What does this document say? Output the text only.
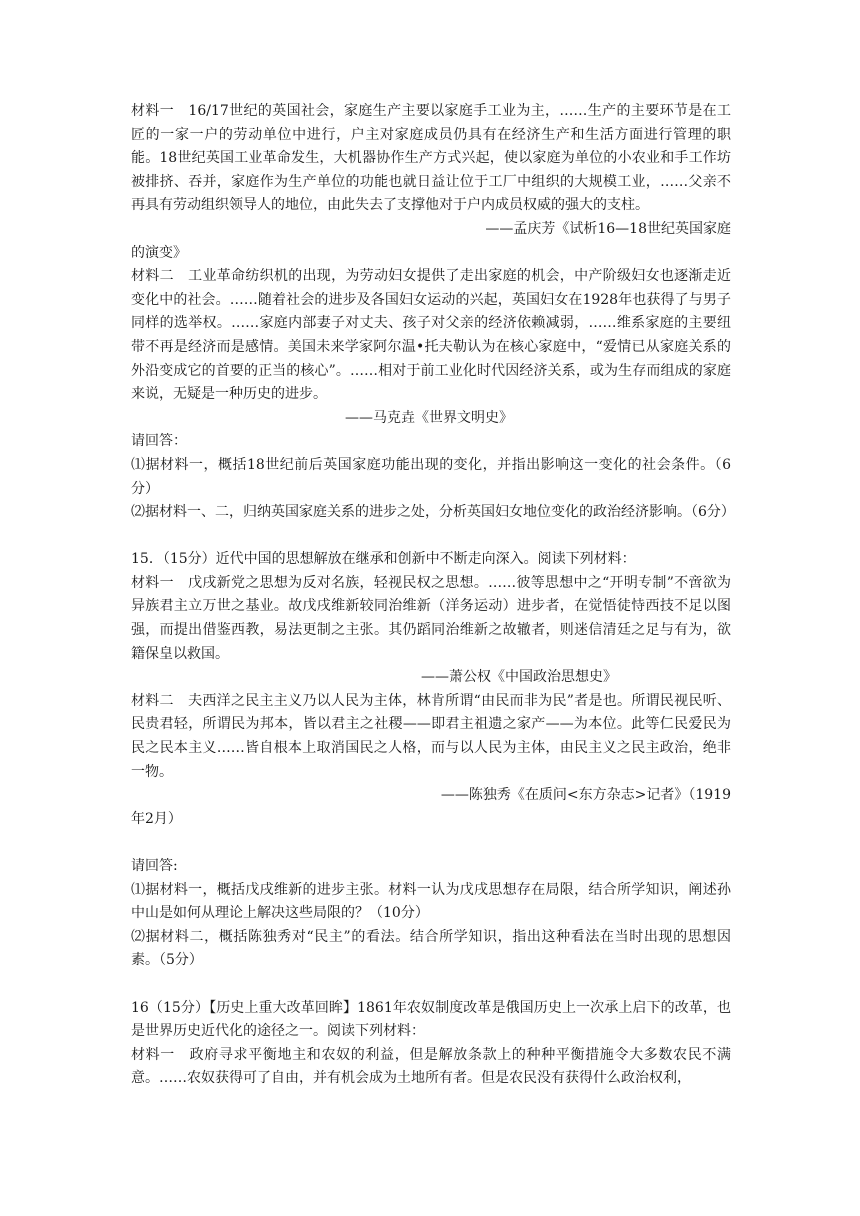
材料一　16/17世纪的英国社会，家庭生产主要以家庭手工业为主，……生产的主要环节是在工匠的一家一户的劳动单位中进行，户主对家庭成员仍具有在经济生产和生活方面进行管理的职能。18世纪英国工业革命发生，大机器协作生产方式兴起，使以家庭为单位的小农业和手工作坊被排挤、吞并，家庭作为生产单位的功能也就日益让位于工厂中组织的大规模工业，……父亲不再具有劳动组织领导人的地位，由此失去了支撑他对于户内成员权威的强大的支柱。

——孟庆芳《试析16—18世纪英国家庭

的演变》

材料二　工业革命纺织机的出现，为劳动妇女提供了走出家庭的机会，中产阶级妇女也逐渐走近变化中的社会。……随着社会的进步及各国妇女运动的兴起，英国妇女在1928年也获得了与男子同样的选举权。……家庭内部妻子对丈夫、孩子对父亲的经济依赖减弱，……维系家庭的主要纽带不再是经济而是感情。美国未来学家阿尔温•托夫勒认为在核心家庭中，“爱情已从家庭关系的外沿变成它的首要的正当的核心”。……相对于前工业化时代因经济关系，或为生存而组成的家庭来说，无疑是一种历史的进步。

——马克垚《世界文明史》

请回答：

⑴据材料一，概括18世纪前后英国家庭功能出现的变化，并指出影响这一变化的社会条件。（6分）

⑵据材料一、二，归纳英国家庭关系的进步之处，分析英国妇女地位变化的政治经济影响。（6分）

15．（15分）近代中国的思想解放在继承和创新中不断走向深入。阅读下列材料：

材料一　戊戌新党之思想为反对名族，轻视民权之思想。……彼等思想中之“开明专制”不啻欲为异族君主立万世之基业。故戊戌维新较同治维新（洋务运动）进步者，在觉悟徒恃西技不足以图强，而提出借鉴西教，易法更制之主张。其仍蹈同治维新之故辙者，则迷信清廷之足与有为，欲籍保皇以救国。

——萧公权《中国政治思想史》

材料二　夫西洋之民主主义乃以人民为主体，林肯所谓“由民而非为民”者是也。所谓民视民听、民贵君轻，所谓民为邦本，皆以君主之社稷——即君主祖遗之家产——为本位。此等仁民爱民为民之民本主义……皆自根本上取消国民之人格，而与以人民为主体，由民主义之民主政治，绝非一物。

——陈独秀《在质问<东方杂志>记者》（1919

年2月）

请回答:

⑴据材料一，概括戊戌维新的进步主张。材料一认为戊戌思想存在局限，结合所学知识，阐述孙中山是如何从理论上解决这些局限的？（10分）

⑵据材料二，概括陈独秀对“民主”的看法。结合所学知识，指出这种看法在当时出现的思想因素。（5分）

16（15分）【历史上重大改革回眸】1861年农奴制度改革是俄国历史上一次承上启下的改革，也是世界历史近代化的途径之一。阅读下列材料：

材料一　政府寻求平衡地主和农奴的利益，但是解放条款上的种种平衡措施令大多数农民不满意。……农奴获得可了自由，并有机会成为土地所有者。但是农民没有获得什么政治权利，
